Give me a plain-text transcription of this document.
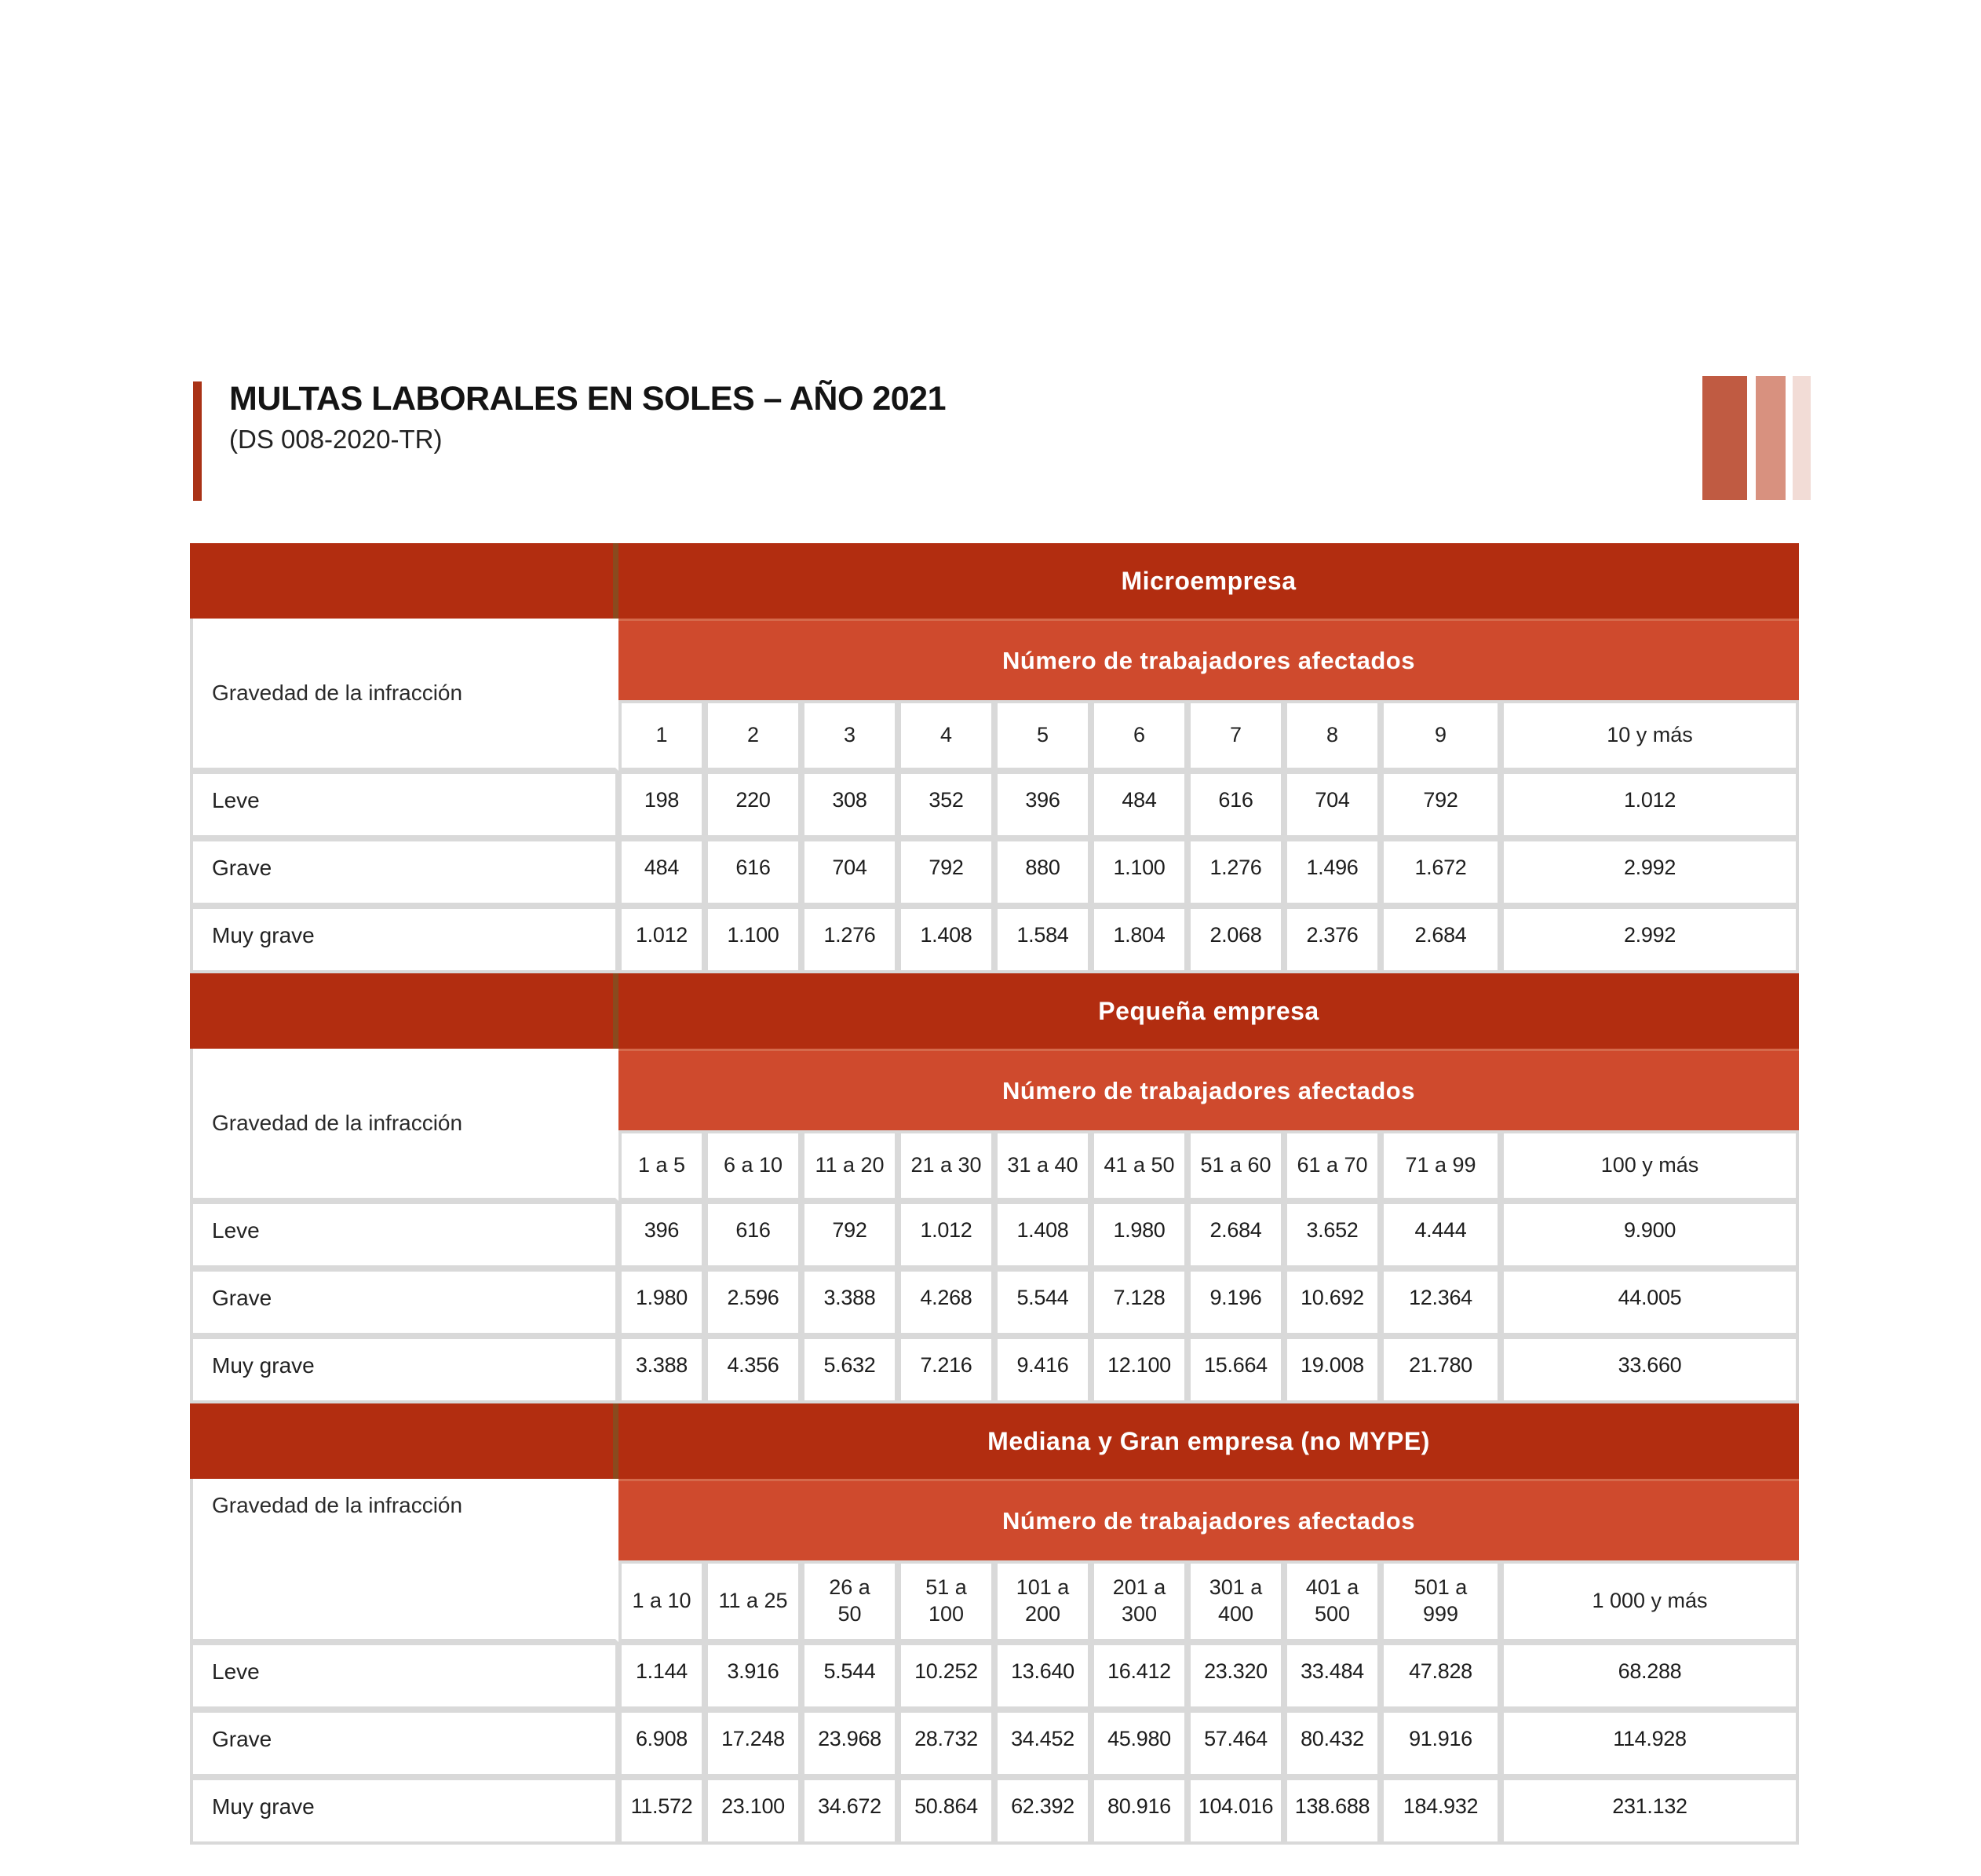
MULTAS LABORALES EN SOLES – AÑO 2021
(DS 008-2020-TR)
	Microempresa									
Gravedad de la infracción	Número de trabajadores afectados									
	1	2	3	4	5	6	7	8	9	10 y más
Leve	198	220	308	352	396	484	616	704	792	1.012
Grave	484	616	704	792	880	1.100	1.276	1.496	1.672	2.992
Muy grave	1.012	1.100	1.276	1.408	1.584	1.804	2.068	2.376	2.684	2.992
	Pequeña empresa									
Gravedad de la infracción	Número de trabajadores afectados									
	1 a 5	6 a 10	11 a 20	21 a 30	31 a 40	41 a 50	51 a 60	61 a 70	71 a 99	100 y más
Leve	396	616	792	1.012	1.408	1.980	2.684	3.652	4.444	9.900
Grave	1.980	2.596	3.388	4.268	5.544	7.128	9.196	10.692	12.364	44.005
Muy grave	3.388	4.356	5.632	7.216	9.416	12.100	15.664	19.008	21.780	33.660
	Mediana y Gran empresa (no MYPE)									
Gravedad de la infracción	Número de trabajadores afectados									
	1 a 10	11 a 25	26 a 50	51 a 100	101 a 200	201 a 300	301 a 400	401 a 500	501 a 999	1 000 y más
Leve	1.144	3.916	5.544	10.252	13.640	16.412	23.320	33.484	47.828	68.288
Grave	6.908	17.248	23.968	28.732	34.452	45.980	57.464	80.432	91.916	114.928
Muy grave	11.572	23.100	34.672	50.864	62.392	80.916	104.016	138.688	184.932	231.132
